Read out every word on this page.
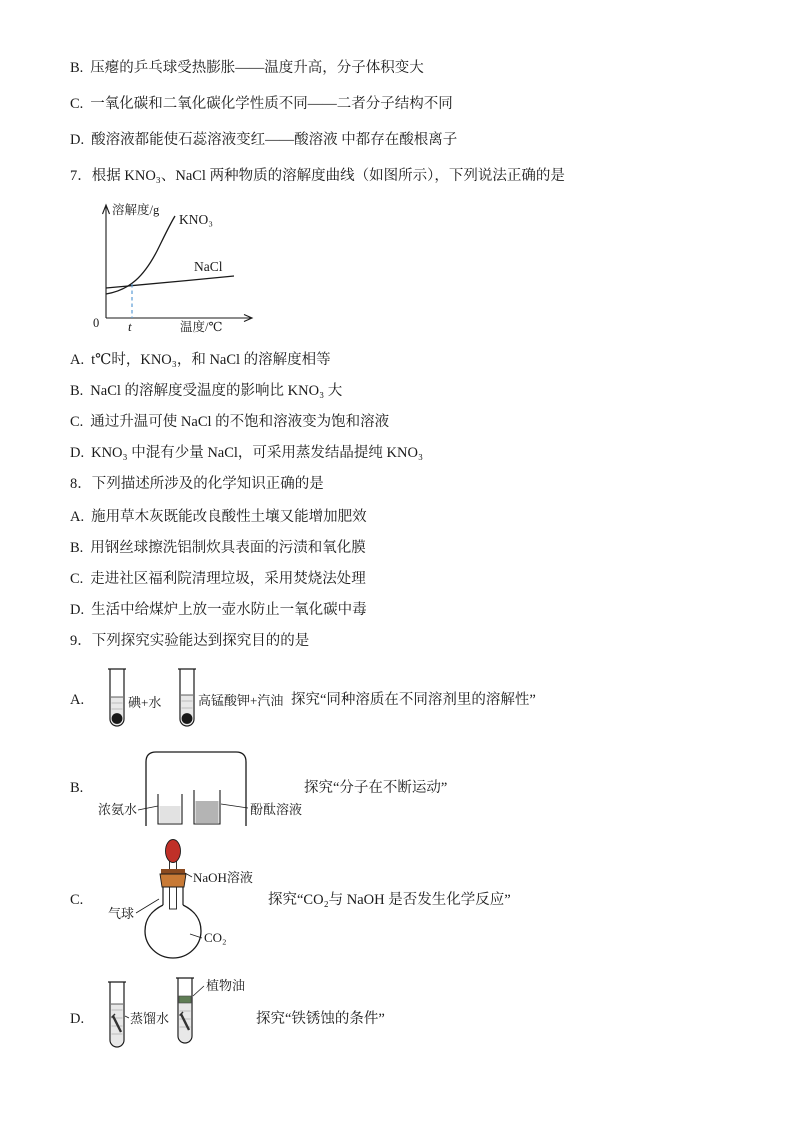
B. 压瘪的乒乓球受热膨胀——温度升高，分子体积变大
C. 一氧化碳和二氧化碳化学性质不同——二者分子结构不同
D. 酸溶液都能使石蕊溶液变红——酸溶液 中都存在酸根离子
7．根据 KNO₃、NaCl 两种物质的溶解度曲线（如图所示），下列说法正确的是
溶解度/g
KNO₃
NaCl
0 t	温度/℃
A. t℃时，KNO₃，和 NaCl 的溶解度相等
B. NaCl 的溶解度受温度的影响比 KNO₃ 大
C. 通过升温可使 NaCl 的不饱和溶液变为饱和溶液
D. KNO₃ 中混有少量 NaCl，可采用蒸发结晶提纯 KNO₃
8．下列描述所涉及的化学知识正确的是
A. 施用草木灰既能改良酸性土壤又能增加肥效
B. 用钢丝球擦洗铝制炊具表面的污渍和氧化膜
C. 走进社区福利院清理垃圾，采用焚烧法处理
D. 生活中给煤炉上放一壶水防止一氧化碳中毒
9．下列探究实验能达到探究目的的是
A.	碘+水	高锰酸钾+汽油 探究“同种溶质在不同溶剂里的溶解性”
B.
浓氨水	酚酞溶液
探究“分子在不断运动”
C.
NaOH溶液
气球
CO₂
探究“CO₂与 NaOH 是否发生化学反应”
D.	蒸馏水
植物油
探究“铁锈蚀的条件”
